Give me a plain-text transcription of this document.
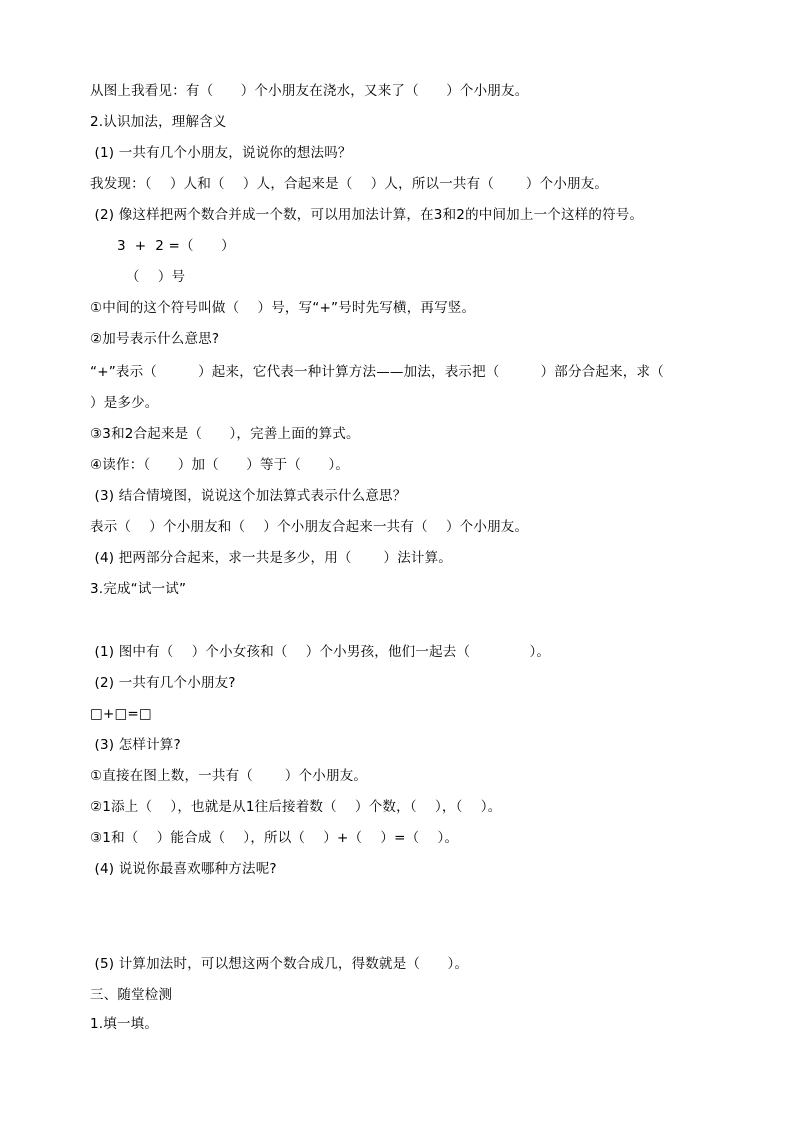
从图上我看见：有（　　）个小朋友在浇水，又来了（　　）个小朋友。
2.认识加法，理解含义
(1) 一共有几个小朋友，说说你的想法吗？
我发现：（　 ）人和（　 ）人，合起来是（　 ）人，所以一共有（　　 ）个小朋友。
(2) 像这样把两个数合并成一个数，可以用加法计算，在3和2的中间加上一个这样的符号。
3  +  2 =（　　）
（　 ）号
①中间的这个符号叫做（　 ）号，写“+”号时先写横，再写竖。
②加号表示什么意思?
“+”表示（　　　）起来，它代表一种计算方法——加法，表示把（　　　）部分合起来，求（
）是多少。
③3和2合起来是（　　），完善上面的算式。
④读作：（　　）加（　　）等于（　　）。
(3) 结合情境图，说说这个加法算式表示什么意思？
表示（　 ）个小朋友和（　 ）个小朋友合起来一共有（　 ）个小朋友。
(4) 把两部分合起来，求一共是多少，用（　　 ）法计算。
3.完成“试一试”
(1) 图中有（　 ）个小女孩和（　 ）个小男孩，他们一起去（　　　　 ）。
(2) 一共有几个小朋友?
□+□=□
(3) 怎样计算?
①直接在图上数，一共有（　　 ）个小朋友。
②1添上（　 ），也就是从1往后接着数（　 ）个数，（　 ），（　 ）。
③1和（　 ）能合成（　 ），所以（　 ）+（　 ）=（　 ）。
(4) 说说你最喜欢哪种方法呢?
(5) 计算加法时，可以想这两个数合成几，得数就是（　　）。
三、随堂检测
1.填一填。
